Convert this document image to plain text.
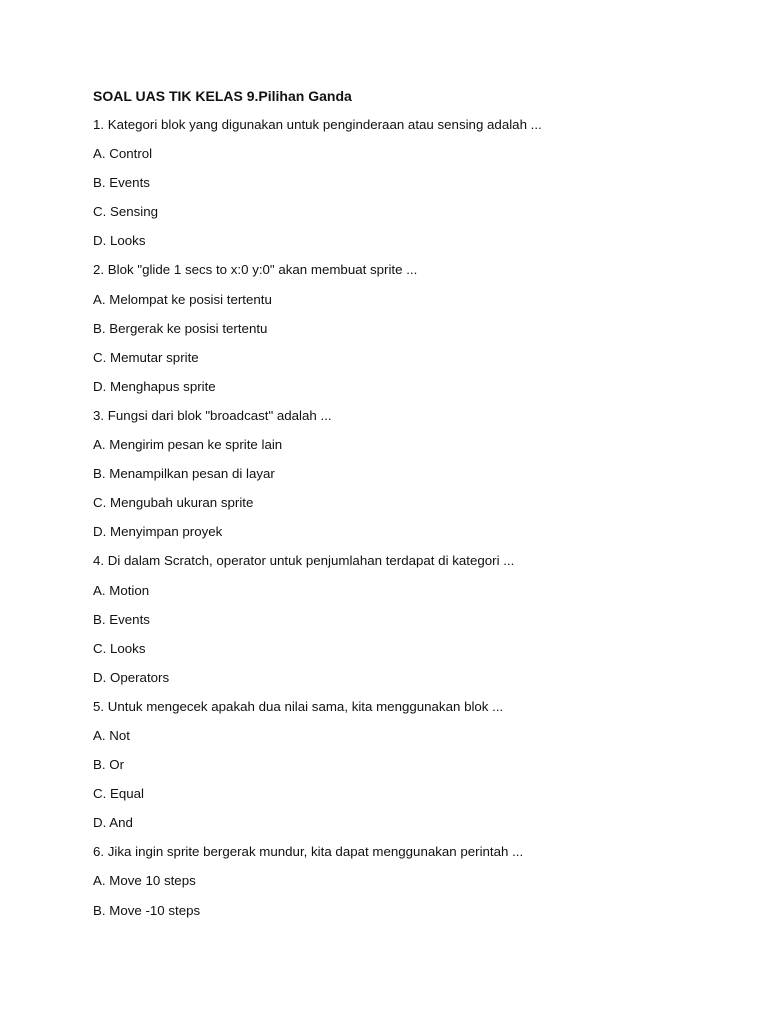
SOAL UAS TIK KELAS 9.Pilihan Ganda
1. Kategori blok yang digunakan untuk penginderaan atau sensing adalah ...
A. Control
B. Events
C. Sensing
D. Looks
2. Blok "glide 1 secs to x:0 y:0" akan membuat sprite ...
A. Melompat ke posisi tertentu
B. Bergerak ke posisi tertentu
C. Memutar sprite
D. Menghapus sprite
3. Fungsi dari blok "broadcast" adalah ...
A. Mengirim pesan ke sprite lain
B. Menampilkan pesan di layar
C. Mengubah ukuran sprite
D. Menyimpan proyek
4. Di dalam Scratch, operator untuk penjumlahan terdapat di kategori ...
A. Motion
B. Events
C. Looks
D. Operators
5. Untuk mengecek apakah dua nilai sama, kita menggunakan blok ...
A. Not
B. Or
C. Equal
D. And
6. Jika ingin sprite bergerak mundur, kita dapat menggunakan perintah ...
A. Move 10 steps
B. Move -10 steps
